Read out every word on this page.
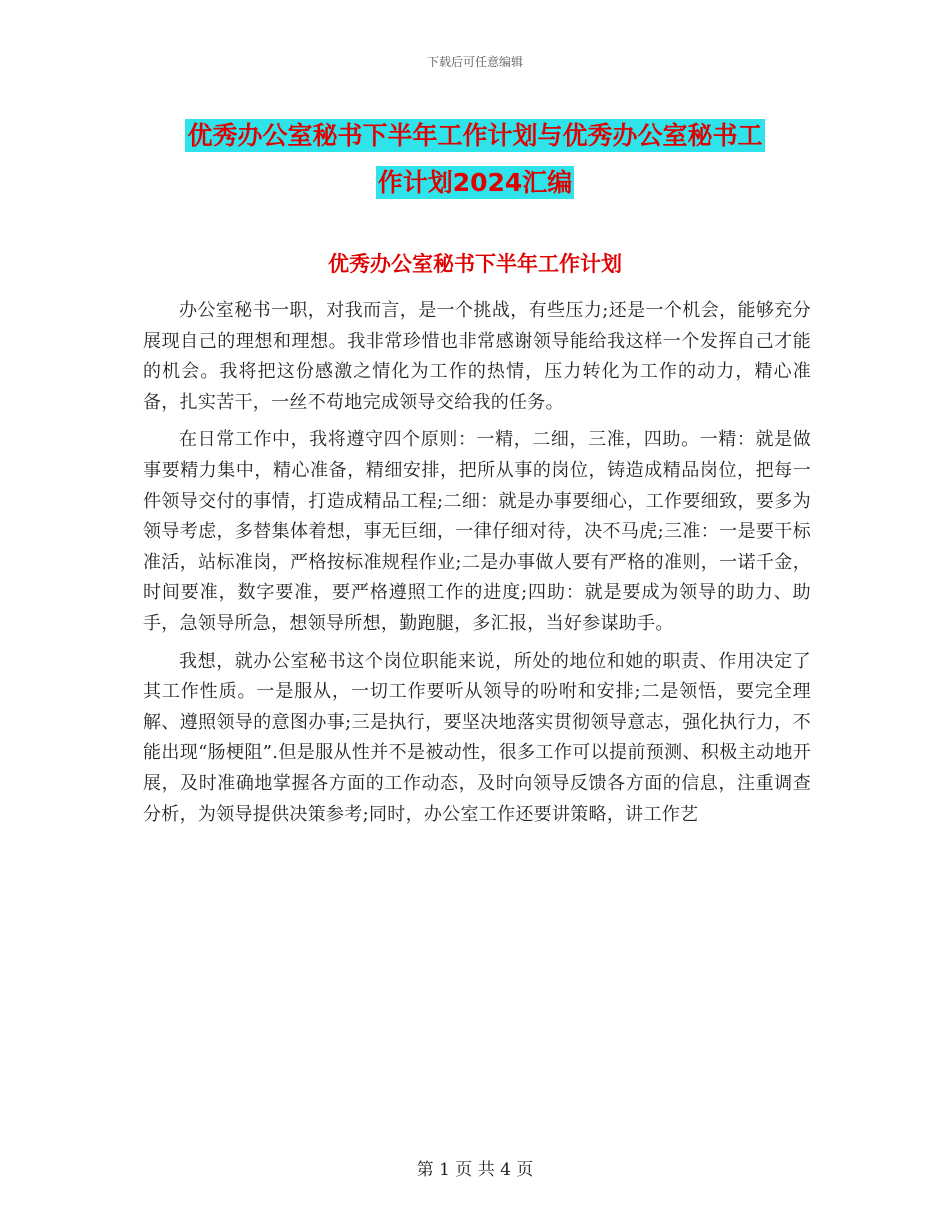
下载后可任意编辑
优秀办公室秘书下半年工作计划与优秀办公室秘书工
作计划2024汇编
优秀办公室秘书下半年工作计划

办公室秘书一职，对我而言，是一个挑战，有些压力;还是一个机会，能够充分展现自己的理想和理想。我非常珍惜也非常感谢领导能给我这样一个发挥自己才能的机会。我将把这份感激之情化为工作的热情，压力转化为工作的动力，精心准备，扎实苦干，一丝不苟地完成领导交给我的任务。

在日常工作中，我将遵守四个原则：一精，二细，三准，四助。一精：就是做事要精力集中，精心准备，精细安排，把所从事的岗位，铸造成精品岗位，把每一件领导交付的事情，打造成精品工程;二细：就是办事要细心，工作要细致，要多为领导考虑，多替集体着想，事无巨细，一律仔细对待，决不马虎;三准：一是要干标准活，站标准岗，严格按标准规程作业;二是办事做人要有严格的准则，一诺千金，时间要准，数字要准，要严格遵照工作的进度;四助：就是要成为领导的助力、助手，急领导所急，想领导所想，勤跑腿，多汇报，当好参谋助手。

我想，就办公室秘书这个岗位职能来说，所处的地位和她的职责、作用决定了其工作性质。一是服从，一切工作要听从领导的吩咐和安排;二是领悟，要完全理解、遵照领导的意图办事;三是执行，要坚决地落实贯彻领导意志，强化执行力，不能出现“肠梗阻”.但是服从性并不是被动性，很多工作可以提前预测、积极主动地开展，及时准确地掌握各方面的工作动态，及时向领导反馈各方面的信息，注重调查分析，为领导提供决策参考;同时，办公室工作还要讲策略，讲工作艺

第 1 页 共 4 页
